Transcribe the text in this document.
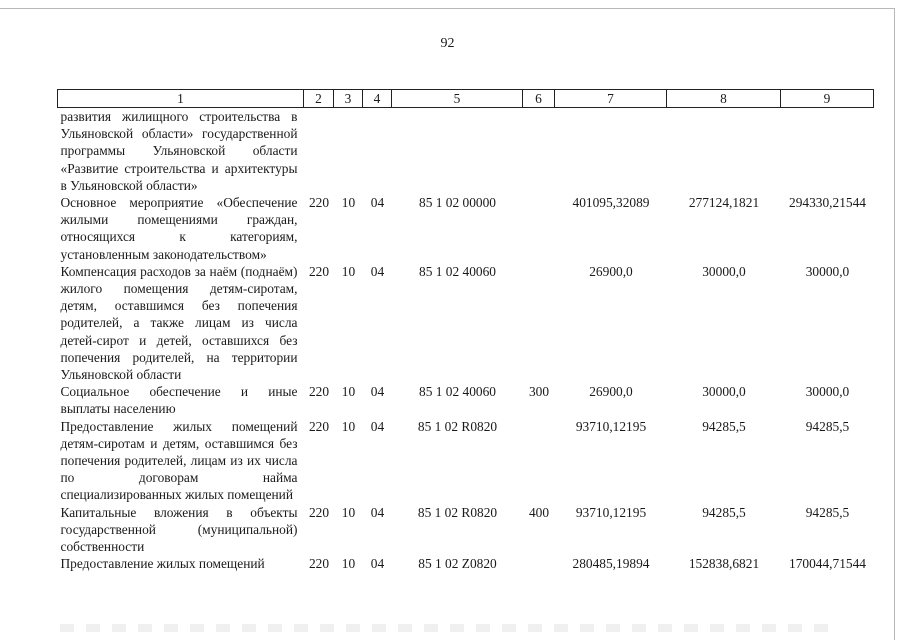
92
1	2	3	4	5	6	7	8	9
развития жилищного строительства в Ульяновской области» государственной программы Ульяновской области «Развитие строительства и архитектуры в Ульяновской области»								
Основное мероприятие «Обеспечение жилыми помещениями граждан, относящихся к категориям, установленным законодательством»	220	10	04	85 1 02 00000		401095,32089	277124,1821	294330,21544
Компенсация расходов за наём (поднаём) жилого помещения детям-сиротам, детям, оставшимся без попечения родителей, а также лицам из числа детей-сирот и детей, оставшихся без попечения родителей, на территории Ульяновской области	220	10	04	85 1 02 40060		26900,0	30000,0	30000,0
Социальное обеспечение и иные выплаты населению	220	10	04	85 1 02 40060	300	26900,0	30000,0	30000,0
Предоставление жилых помещений детям-сиротам и детям, оставшимся без попечения родителей, лицам из их числа по договорам найма специализированных жилых помещений	220	10	04	85 1 02 R0820		93710,12195	94285,5	94285,5
Капитальные вложения в объекты государственной (муниципальной) собственности	220	10	04	85 1 02 R0820	400	93710,12195	94285,5	94285,5
Предоставление жилых помещений	220	10	04	85 1 02 Z0820		280485,19894	152838,6821	170044,71544
